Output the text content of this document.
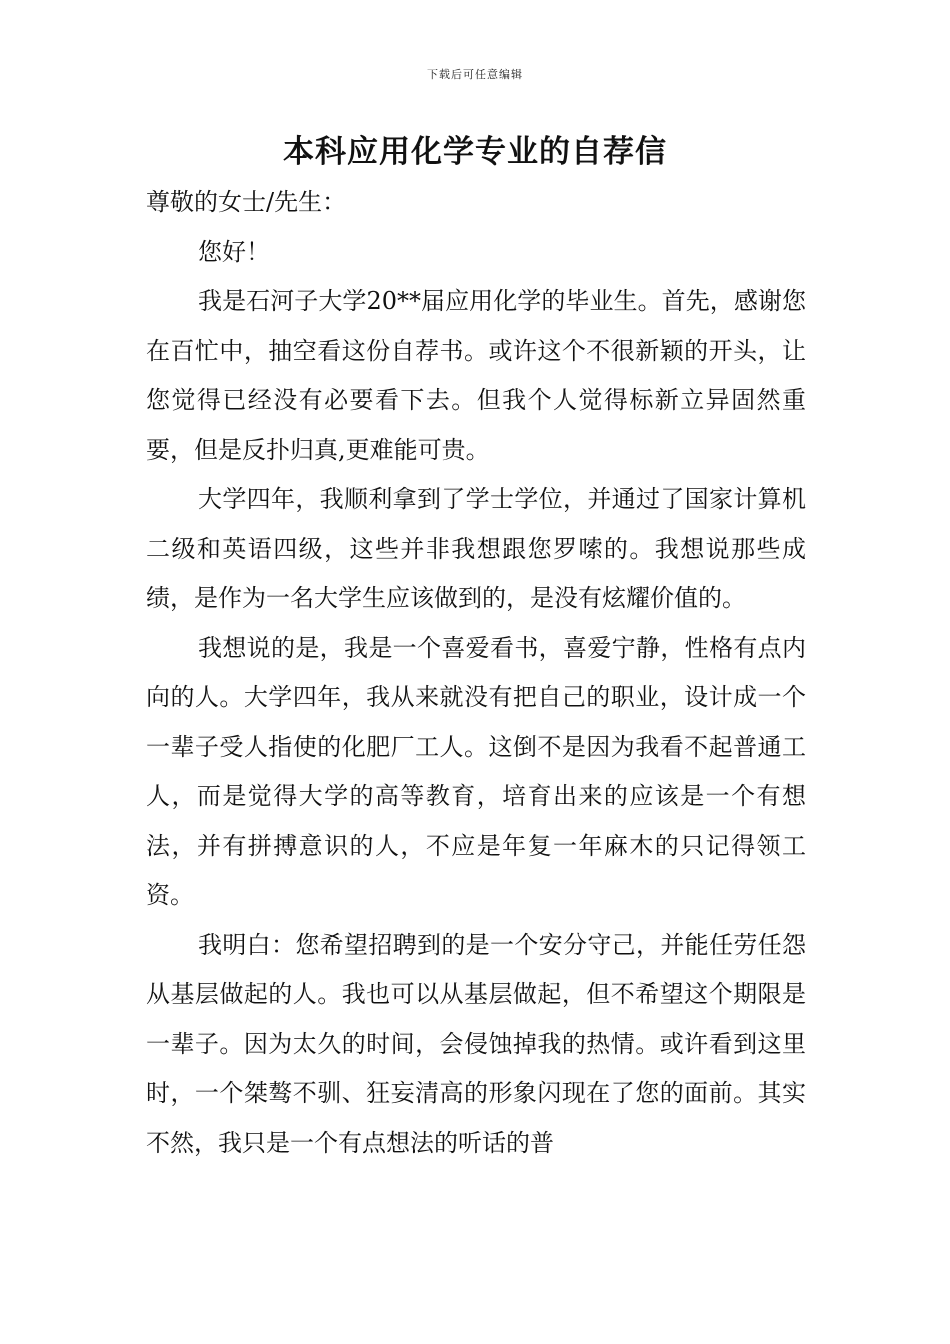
下载后可任意编辑
本科应用化学专业的自荐信

尊敬的女士/先生：

您好！

我是石河子大学20**届应用化学的毕业生。首先，感谢您在百忙中，抽空看这份自荐书。或许这个不很新颖的开头，让您觉得已经没有必要看下去。但我个人觉得标新立异固然重要，但是反扑归真,更难能可贵。

大学四年，我顺利拿到了学士学位，并通过了国家计算机二级和英语四级，这些并非我想跟您罗嗦的。我想说那些成绩，是作为一名大学生应该做到的，是没有炫耀价值的。

我想说的是，我是一个喜爱看书，喜爱宁静，性格有点内向的人。大学四年，我从来就没有把自己的职业，设计成一个一辈子受人指使的化肥厂工人。这倒不是因为我看不起普通工人，而是觉得大学的高等教育，培育出来的应该是一个有想法，并有拼搏意识的人，不应是年复一年麻木的只记得领工资。

我明白：您希望招聘到的是一个安分守己，并能任劳任怨从基层做起的人。我也可以从基层做起，但不希望这个期限是一辈子。因为太久的时间，会侵蚀掉我的热情。或许看到这里时，一个桀骜不驯、狂妄清高的形象闪现在了您的面前。其实不然，我只是一个有点想法的听话的普
